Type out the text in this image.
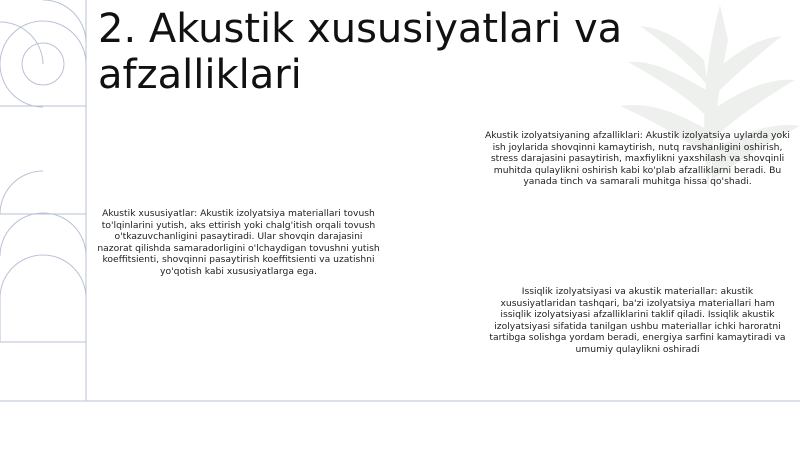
2. Akustik xususiyatlari va afzalliklari

Akustik xususiyatlar: Akustik izolyatsiya materiallari tovush to'lqinlarini yutish, aks ettirish yoki chalg'itish orqali tovush o'tkazuvchanligini pasaytiradi. Ular shovqin darajasini nazorat qilishda samaradorligini o'lchaydigan tovushni yutish koeffitsienti, shovqinni pasaytirish koeffitsienti va uzatishni yo'qotish kabi xususiyatlarga ega.

Akustik izolyatsiyaning afzalliklari: Akustik izolyatsiya uylarda yoki ish joylarida shovqinni kamaytirish, nutq ravshanligini oshirish, stress darajasini pasaytirish, maxfiylikni yaxshilash va shovqinli muhitda qulaylikni oshirish kabi ko'plab afzalliklarni beradi. Bu yanada tinch va samarali muhitga hissa qo'shadi.

Issiqlik izolyatsiyasi va akustik materiallar: akustik xususiyatlaridan tashqari, ba'zi izolyatsiya materiallari ham issiqlik izolyatsiyasi afzalliklarini taklif qiladi. Issiqlik akustik izolyatsiyasi sifatida tanilgan ushbu materiallar ichki haroratni tartibga solishga yordam beradi, energiya sarfini kamaytiradi va umumiy qulaylikni oshiradi
